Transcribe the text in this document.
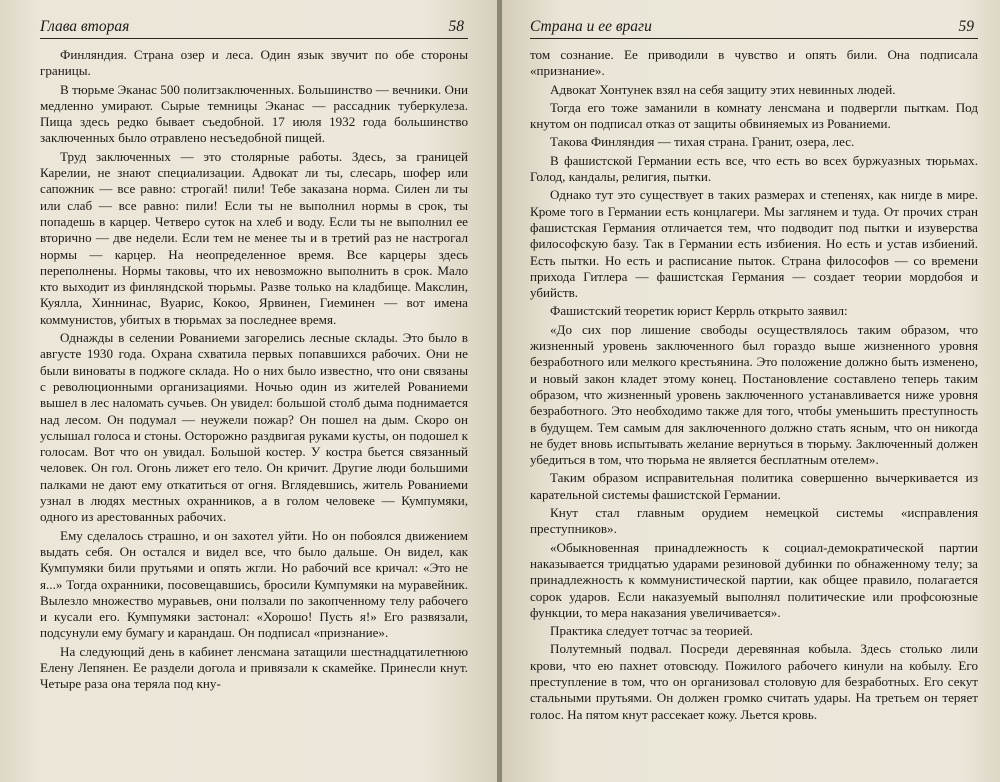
Глава вторая	58

Финляндия. Страна озер и леса. Один язык звучит по обе стороны границы.

В тюрьме Эканас 500 политзаключенных. Большинство — вечники. Они медленно умирают. Сырые темницы Эканас — рассадник туберкулеза. Пища здесь редко бывает съедобной. 17 июля 1932 года большинство заключенных было отравлено несъедобной пищей.

Труд заключенных — это столярные работы. Здесь, за границей Карелии, не знают специализации. Адвокат ли ты, слесарь, шофер или сапожник — все равно: строгай! пили! Тебе заказана норма. Силен ли ты или слаб — все равно: пили! Если ты не выполнил нормы в срок, ты попадешь в карцер. Четверо суток на хлеб и воду. Если ты не выполнил ее вторично — две недели. Если тем не менее ты и в третий раз не настрогал нормы — карцер. На неопределенное время. Все карцеры здесь переполнены. Нормы таковы, что их невозможно выполнить в срок. Мало кто выходит из финляндской тюрьмы. Разве только на кладбище. Макслин, Куялла, Хиннинас, Вуарис, Кокоо, Ярвинен, Гиеминен — вот имена коммунистов, убитых в тюрьмах за последнее время.

Однажды в селении Рованиеми загорелись лесные склады. Это было в августе 1930 года. Охрана схватила первых попавшихся рабочих. Они не были виноваты в поджоге склада. Но о них было известно, что они связаны с революционными организациями. Ночью один из жителей Рованиеми вышел в лес наломать сучьев. Он увидел: большой столб дыма поднимается над лесом. Он подумал — неужели пожар? Он пошел на дым. Скоро он услышал голоса и стоны. Осторожно раздвигая руками кусты, он подошел к голосам. Вот что он увидал. Большой костер. У костра бьется связанный человек. Он гол. Огонь лижет его тело. Он кричит. Другие люди большими палками не дают ему откатиться от огня. Вглядевшись, житель Рованиеми узнал в людях местных охранников, а в голом человеке — Кумпумяки, одного из арестованных рабочих.

Ему сделалось страшно, и он захотел уйти. Но он побоялся движением выдать себя. Он остался и видел все, что было дальше. Он видел, как Кумпумяки били прутьями и опять жгли. Но рабочий все кричал: «Это не я...» Тогда охранники, посовещавшись, бросили Кумпумяки на муравейник. Вылезло множество муравьев, они ползали по закопченному телу рабочего и кусали его. Кумпумяки застонал: «Хорошо! Пусть я!» Его развязали, подсунули ему бумагу и карандаш. Он подписал «признание».

На следующий день в кабинет ленсмана затащили шестнадцатилетнюю Елену Лепянен. Ее раздели догола и привязали к скамейке. Принесли кнут. Четыре раза она теряла под кну-

Страна и ее враги	59

том сознание. Ее приводили в чувство и опять били. Она подписала «признание».

Адвокат Хонтунек взял на себя защиту этих невинных людей.

Тогда его тоже заманили в комнату ленсмана и подвергли пыткам. Под кнутом он подписал отказ от защиты обвиняемых из Рованиеми.

Такова Финляндия — тихая страна. Гранит, озера, лес.

В фашистской Германии есть все, что есть во всех буржуазных тюрьмах. Голод, кандалы, религия, пытки.

Однако тут это существует в таких размерах и степенях, как нигде в мире. Кроме того в Германии есть концлагери. Мы заглянем и туда. От прочих стран фашистская Германия отличается тем, что подводит под пытки и изуверства философскую базу. Так в Германии есть избиения. Но есть и устав избиений. Есть пытки. Но есть и расписание пыток. Страна философов — со времени прихода Гитлера — фашистская Германия — создает теории мордобоя и убийств.

Фашистский теоретик юрист Керрль открыто заявил:

«До сих пор лишение свободы осуществлялось таким образом, что жизненный уровень заключенного был гораздо выше жизненного уровня безработного или мелкого крестьянина. Это положение должно быть изменено, и новый закон кладет этому конец. Постановление составлено теперь таким образом, что жизненный уровень заключенного устанавливается ниже уровня безработного. Это необходимо также для того, чтобы уменьшить преступность в будущем. Тем самым для заключенного должно стать ясным, что он никогда не будет вновь испытывать желание вернуться в тюрьму. Заключенный должен убедиться в том, что тюрьма не является бесплатным отелем».

Таким образом исправительная политика совершенно вычеркивается из карательной системы фашистской Германии.

Кнут стал главным орудием немецкой системы «исправления преступников».

«Обыкновенная принадлежность к социал-демократической партии наказывается тридцатью ударами резиновой дубинки по обнаженному телу; за принадлежность к коммунистической партии, как общее правило, полагается сорок ударов. Если наказуемый выполнял политические или профсоюзные функции, то мера наказания увеличивается».

Практика следует тотчас за теорией.

Полутемный подвал. Посреди деревянная кобыла. Здесь столько лили крови, что ею пахнет отовсюду. Пожилого рабочего кинули на кобылу. Его преступление в том, что он организовал столовую для безработных. Его секут стальными прутьями. Он должен громко считать удары. На третьем он теряет голос. На пятом кнут рассекает кожу. Льется кровь.
